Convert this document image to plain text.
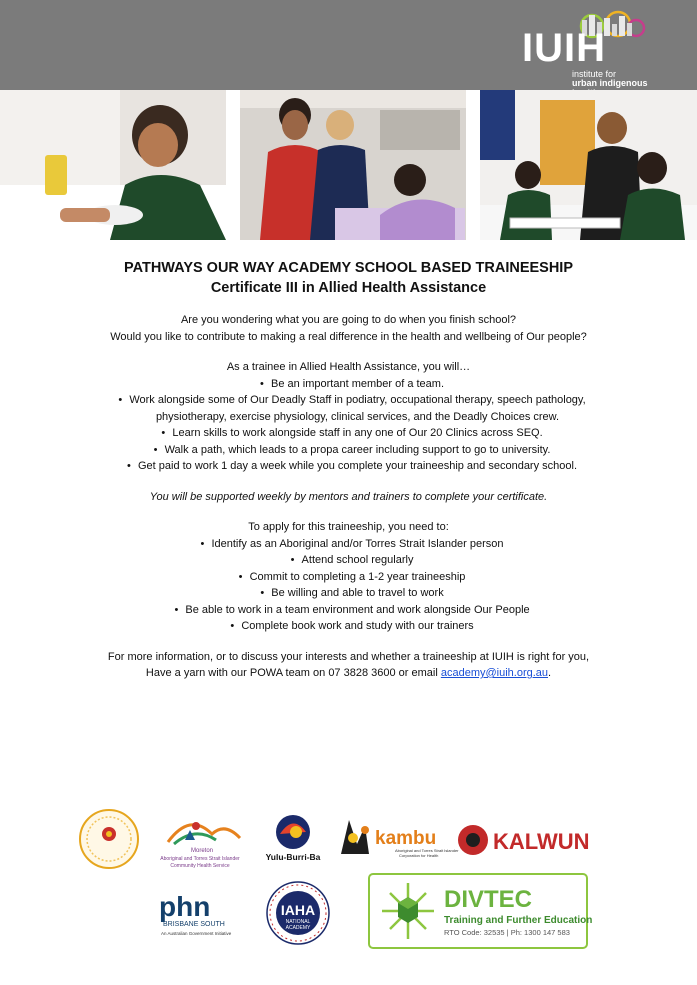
IUIH
institute for
urban indigenous
PATHWAYS OUR WAY ACADEMY SCHOOL BASED TRAINEESHIP
Certificate III in Allied Health Assistance

Are you wondering what you are going to do when you finish school?

Would you like to contribute to making a real difference in the health and wellbeing of Our people?

As a trainee in Allied Health Assistance, you will…

• Be an important member of a team.
• Work alongside some of Our Deadly Staff in podiatry, occupational therapy, speech pathology,
physiotherapy, exercise physiology, clinical services, and the Deadly Choices crew.
• Learn skills to work alongside staff in any one of Our 20 Clinics across SEQ.
• Walk a path, which leads to a propa career including support to go to university.
• Get paid to work 1 day a week while you complete your traineeship and secondary school.

You will be supported weekly by mentors and trainers to complete your certificate.

To apply for this traineeship, you need to:

• Identify as an Aboriginal and/or Torres Strait Islander person
• Attend school regularly
• Commit to completing a 1-2 year traineeship
• Be willing and able to travel to work
• Be able to work in a team environment and work alongside Our People
• Complete book work and study with our trainers

For more information, or to discuss your interests and whether a traineeship at IUIH is right for you,

Have a yarn with our POWA team on 07 3828 3600 or email academy@iuih.org.au.

Moreton
Aboriginal and Torres Strait Islander
Community Health Service
Yulu-Burri-Ba
kambu
Aboriginal and Torres Strait Islander
Corporation for Health
KALWUN
phn
BRISBANE SOUTH
An Australian Government Initiative
IAHA
NATIONAL
ACADEMY
DIVTEC
Training and Further Education
RTO Code: 32535 | Ph: 1300 147 583
